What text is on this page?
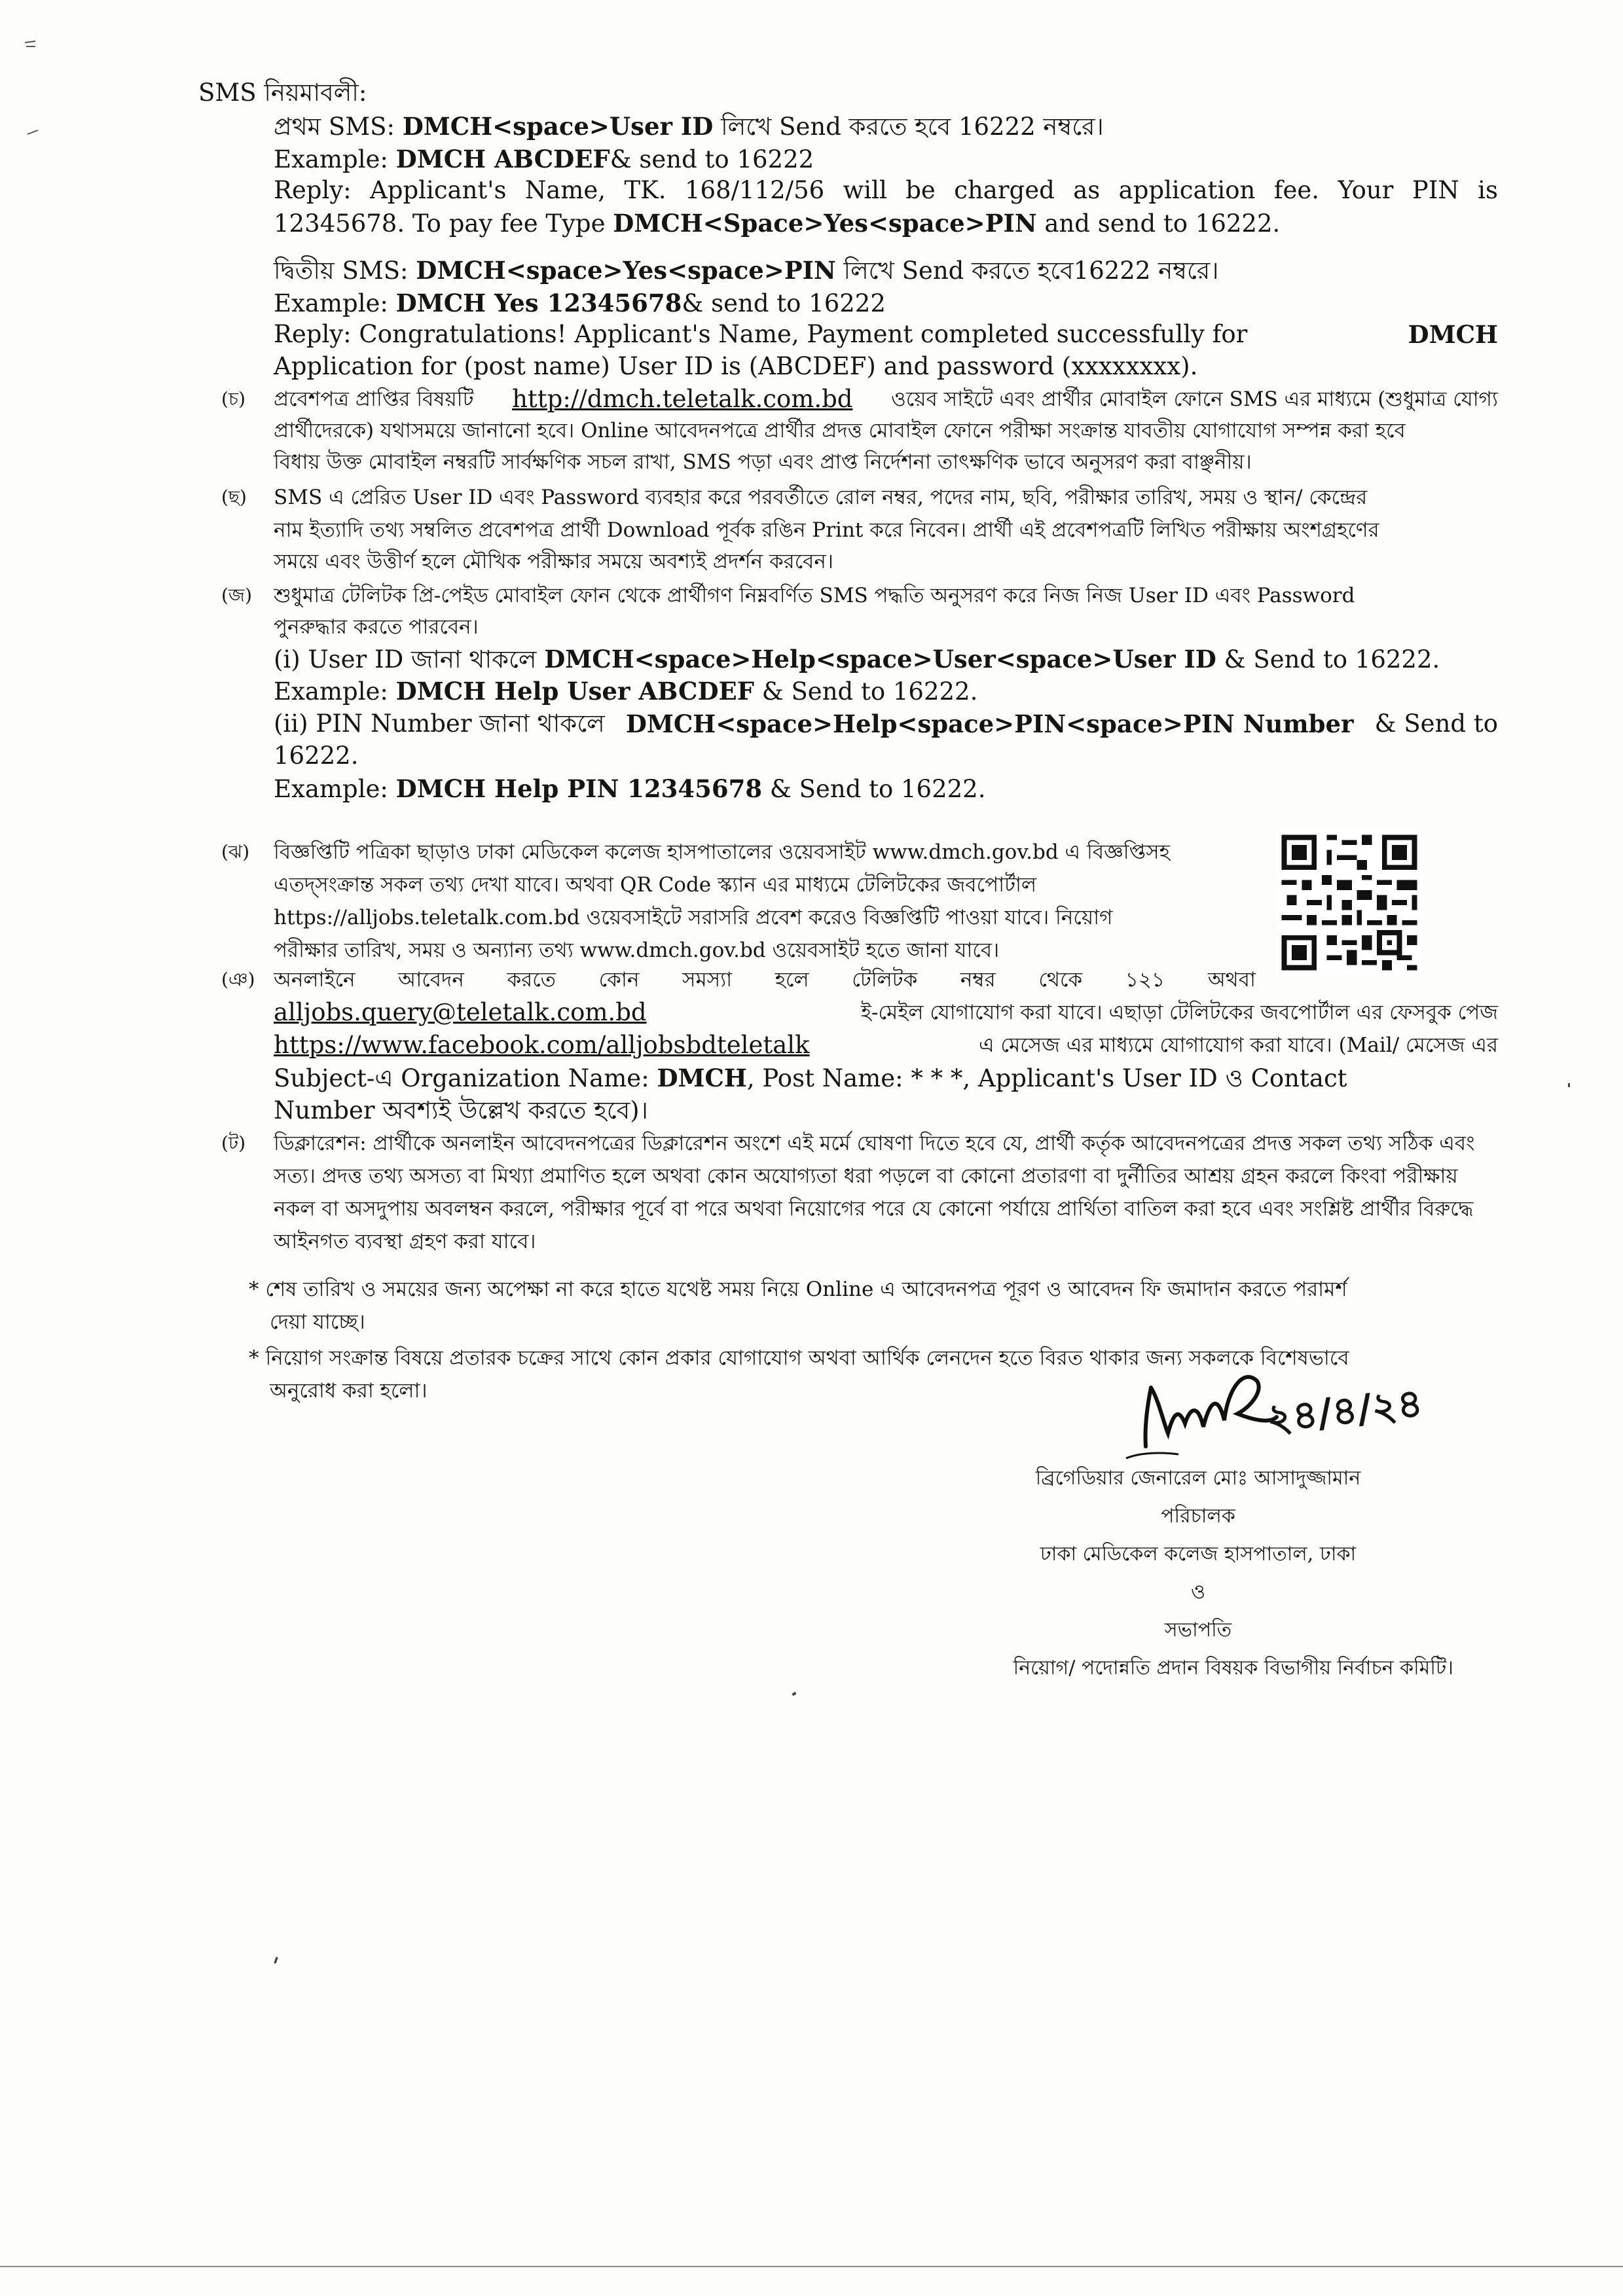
SMS নিয়মাবলী:
প্রথম SMS: DMCH<space>User ID লিখে Send করতে হবে 16222 নম্বরে।
Example: DMCH ABCDEF& send to 16222
Reply: Applicant's Name, TK. 168/112/56 will be charged as application fee. Your PIN is
12345678. To pay fee Type DMCH<Space>Yes<space>PIN and send to 16222.
দ্বিতীয় SMS: DMCH<space>Yes<space>PIN লিখে Send করতে হবে16222 নম্বরে।
Example: DMCH Yes 12345678& send to 16222
Reply: Congratulations! Applicant's Name, Payment completed successfully for	DMCH
Application for (post name) User ID is (ABCDEF) and password (xxxxxxxx).
(চ) প্রবেশপত্র প্রাপ্তির বিষয়টি http://dmch.teletalk.com.bd ওয়েব সাইটে এবং প্রার্থীর মোবাইল ফোনে SMS এর মাধ্যমে (শুধুমাত্র যোগ্য
প্রার্থীদেরকে) যথাসময়ে জানানো হবে। Online আবেদনপত্রে প্রার্থীর প্রদত্ত মোবাইল ফোনে পরীক্ষা সংক্রান্ত যাবতীয় যোগাযোগ সম্পন্ন করা হবে
বিধায় উক্ত মোবাইল নম্বরটি সার্বক্ষণিক সচল রাখা, SMS পড়া এবং প্রাপ্ত নির্দেশনা তাৎক্ষণিক ভাবে অনুসরণ করা বাঞ্ছনীয়।
(ছ) SMS এ প্রেরিত User ID এবং Password ব্যবহার করে পরবর্তীতে রোল নম্বর, পদের নাম, ছবি, পরীক্ষার তারিখ, সময় ও স্থান/ কেন্দ্রের
নাম ইত্যাদি তথ্য সম্বলিত প্রবেশপত্র প্রার্থী Download পূর্বক রঙিন Print করে নিবেন। প্রার্থী এই প্রবেশপত্রটি লিখিত পরীক্ষায় অংশগ্রহণের
সময়ে এবং উত্তীর্ণ হলে মৌখিক পরীক্ষার সময়ে অবশ্যই প্রদর্শন করবেন।
(জ) শুধুমাত্র টেলিটক প্রি-পেইড মোবাইল ফোন থেকে প্রার্থীগণ নিম্নবর্ণিত SMS পদ্ধতি অনুসরণ করে নিজ নিজ User ID এবং Password
পুনরুদ্ধার করতে পারবেন।
(i) User ID জানা থাকলে DMCH<space>Help<space>User<space>User ID & Send to 16222.
Example: DMCH Help User ABCDEF & Send to 16222.
(ii) PIN Number জানা থাকলে DMCH<space>Help<space>PIN<space>PIN Number & Send to
16222.
Example: DMCH Help PIN 12345678 & Send to 16222.
(ঝ) বিজ্ঞপ্তিটি পত্রিকা ছাড়াও ঢাকা মেডিকেল কলেজ হাসপাতালের ওয়েবসাইট www.dmch.gov.bd এ বিজ্ঞপ্তিসহ
এতদ্‌সংক্রান্ত সকল তথ্য দেখা যাবে। অথবা QR Code স্ক্যান এর মাধ্যমে টেলিটকের জবপোর্টাল
https://alljobs.teletalk.com.bd ওয়েবসাইটে সরাসরি প্রবেশ করেও বিজ্ঞপ্তিটি পাওয়া যাবে। নিয়োগ
পরীক্ষার তারিখ, সময় ও অন্যান্য তথ্য www.dmch.gov.bd ওয়েবসাইট হতে জানা যাবে।
(ঞ) অনলাইনে আবেদন করতে কোন সমস্যা হলে টেলিটক নম্বর থেকে ১২১ অথবা
alljobs.query@teletalk.com.bd	ই-মেইল যোগাযোগ করা যাবে। এছাড়া টেলিটকের জবপোর্টাল এর ফেসবুক পেজ
https://www.facebook.com/alljobsbdteletalk	এ মেসেজ এর মাধ্যমে যোগাযোগ করা যাবে। (Mail/ মেসেজ এর
Subject-এ Organization Name: DMCH, Post Name: * * *, Applicant's User ID ও Contact
Number অবশ্যই উল্লেখ করতে হবে)।
(ট) ডিক্লারেশন: প্রার্থীকে অনলাইন আবেদনপত্রের ডিক্লারেশন অংশে এই মর্মে ঘোষণা দিতে হবে যে, প্রার্থী কর্তৃক আবেদনপত্রের প্রদত্ত সকল তথ্য সঠিক এবং
সত্য। প্রদত্ত তথ্য অসত্য বা মিথ্যা প্রমাণিত হলে অথবা কোন অযোগ্যতা ধরা পড়লে বা কোনো প্রতারণা বা দুর্নীতির আশ্রয় গ্রহন করলে কিংবা পরীক্ষায়
নকল বা অসদুপায় অবলম্বন করলে, পরীক্ষার পূর্বে বা পরে অথবা নিয়োগের পরে যে কোনো পর্যায়ে প্রার্থিতা বাতিল করা হবে এবং সংশ্লিষ্ট প্রার্থীর বিরুদ্ধে
আইনগত ব্যবস্থা গ্রহণ করা যাবে।
* শেষ তারিখ ও সময়ের জন্য অপেক্ষা না করে হাতে যথেষ্ট সময় নিয়ে Online এ আবেদনপত্র পূরণ ও আবেদন ফি জমাদান করতে পরামর্শ
দেয়া যাচ্ছে।
* নিয়োগ সংক্রান্ত বিষয়ে প্রতারক চক্রের সাথে কোন প্রকার যোগাযোগ অথবা আর্থিক লেনদেন হতে বিরত থাকার জন্য সকলকে বিশেষভাবে
অনুরোধ করা হলো।	২৪/৪/২৪
ব্রিগেডিয়ার জেনারেল মোঃ আসাদুজ্জামান
পরিচালক
ঢাকা মেডিকেল কলেজ হাসপাতাল, ঢাকা
ও
সভাপতি
নিয়োগ/ পদোন্নতি প্রদান বিষয়ক বিভাগীয় নির্বাচন কমিটি।
